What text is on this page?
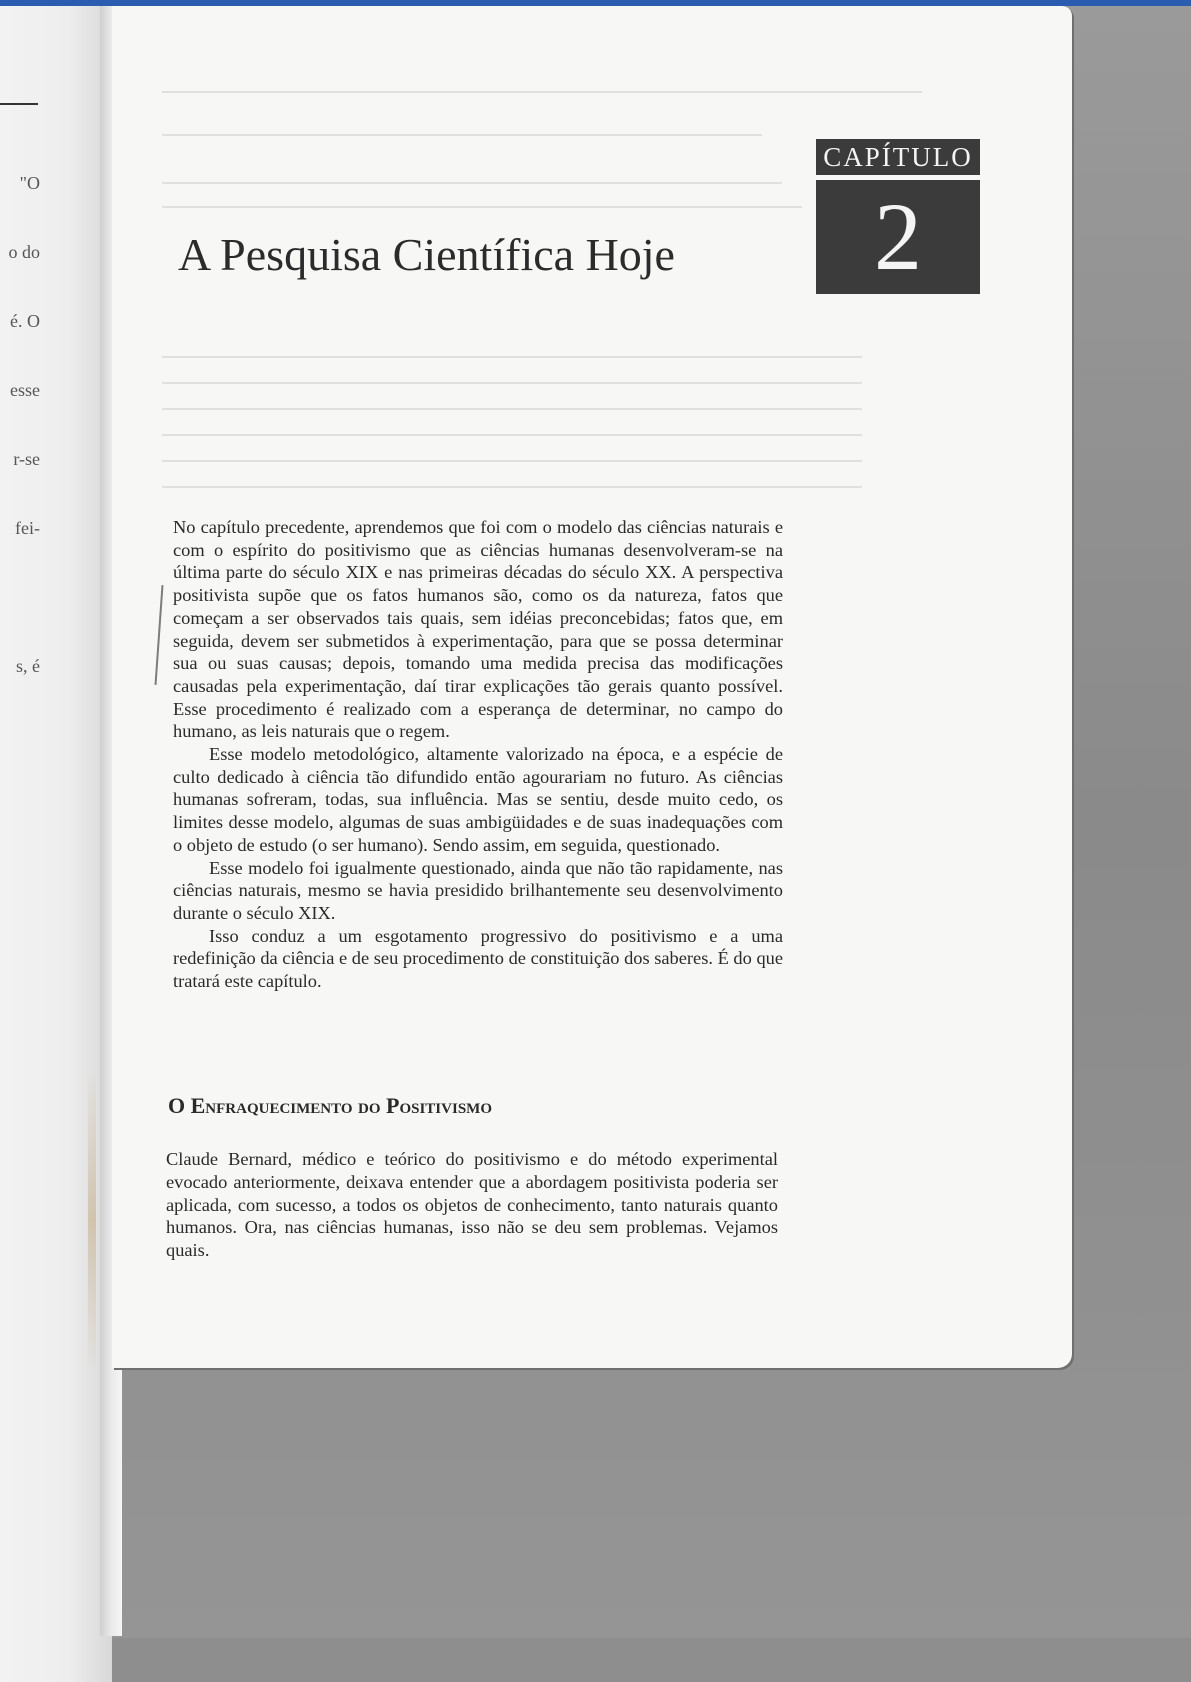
"O

o do

é. O

esse

r-se

fei-

s, é

CAPÍTULO
2
A Pesquisa Científica Hoje

No capítulo precedente, aprendemos que foi com o modelo das ciências naturais e com o espírito do positivismo que as ciências humanas desenvolveram-se na última parte do século XIX e nas primeiras décadas do século XX. A perspectiva positivista supõe que os fatos humanos são, como os da natureza, fatos que começam a ser observados tais quais, sem idéias preconcebidas; fatos que, em seguida, devem ser submetidos à experimentação, para que se possa determinar sua ou suas causas; depois, tomando uma medida precisa das modificações causadas pela experimentação, daí tirar explicações tão gerais quanto possível. Esse procedimento é realizado com a esperança de determinar, no campo do humano, as leis naturais que o regem.

Esse modelo metodológico, altamente valorizado na época, e a espécie de culto dedicado à ciência tão difundido então agourariam no futuro. As ciências humanas sofreram, todas, sua influência. Mas se sentiu, desde muito cedo, os limites desse modelo, algumas de suas ambigüidades e de suas inadequações com o objeto de estudo (o ser humano). Sendo assim, em seguida, questionado.

Esse modelo foi igualmente questionado, ainda que não tão rapidamente, nas ciências naturais, mesmo se havia presidido brilhantemente seu desenvolvimento durante o século XIX.

Isso conduz a um esgotamento progressivo do positivismo e a uma redefinição da ciência e de seu procedimento de constituição dos saberes. É do que tratará este capítulo.

O Enfraquecimento do Positivismo

Claude Bernard, médico e teórico do positivismo e do método experimental evocado anteriormente, deixava entender que a abordagem positivista poderia ser aplicada, com sucesso, a todos os objetos de conhecimento, tanto naturais quanto humanos. Ora, nas ciências humanas, isso não se deu sem problemas. Vejamos quais.
